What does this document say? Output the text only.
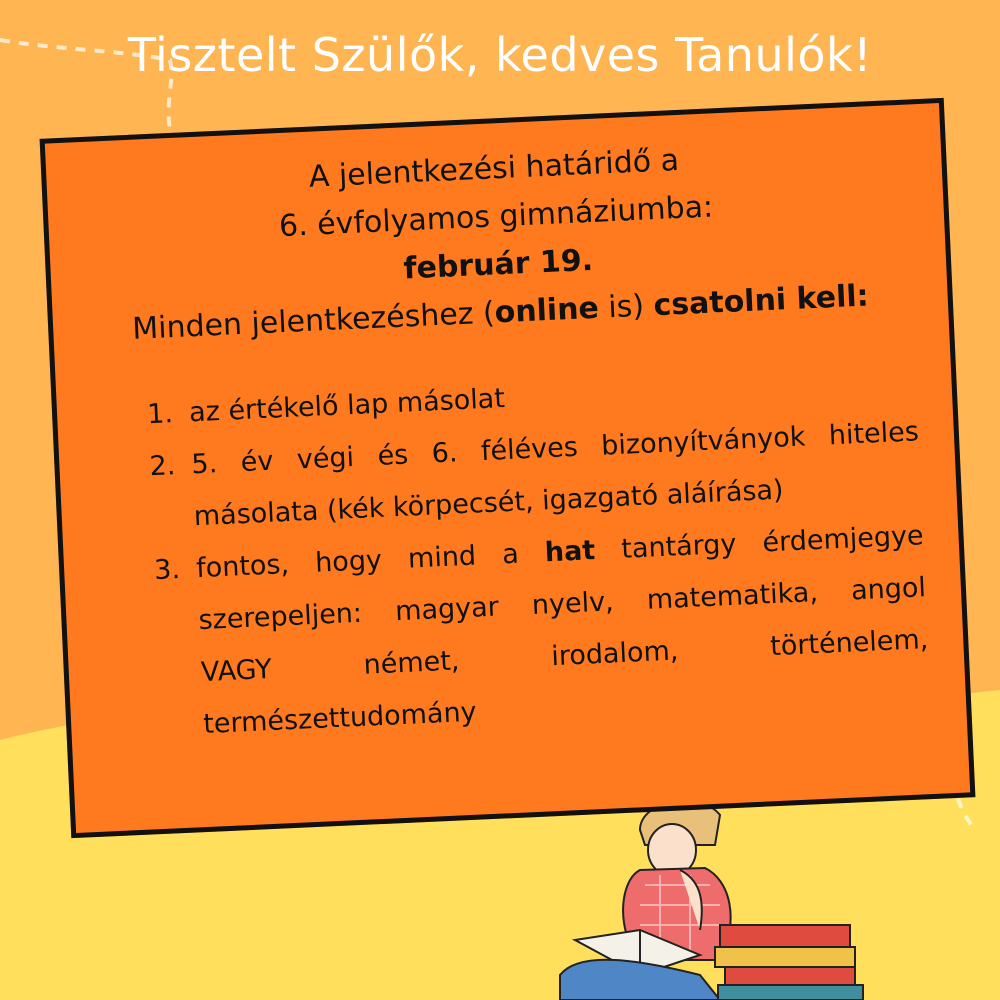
Tisztelt Szülők, kedves Tanulók!
A jelentkezési határidő a
6. évfolyamos gimnáziumba:
február 19.
Minden jelentkezéshez (online is) csatolni kell:
1. az értékelő lap másolat
2. 5. év végi és 6. féléves bizonyítványok hiteles
másolata (kék körpecsét, igazgató aláírása)
3. fontos, hogy mind a hat tantárgy érdemjegye
szerepeljen: magyar nyelv, matematika, angol
VAGY német, irodalom, történelem,
természettudomány
